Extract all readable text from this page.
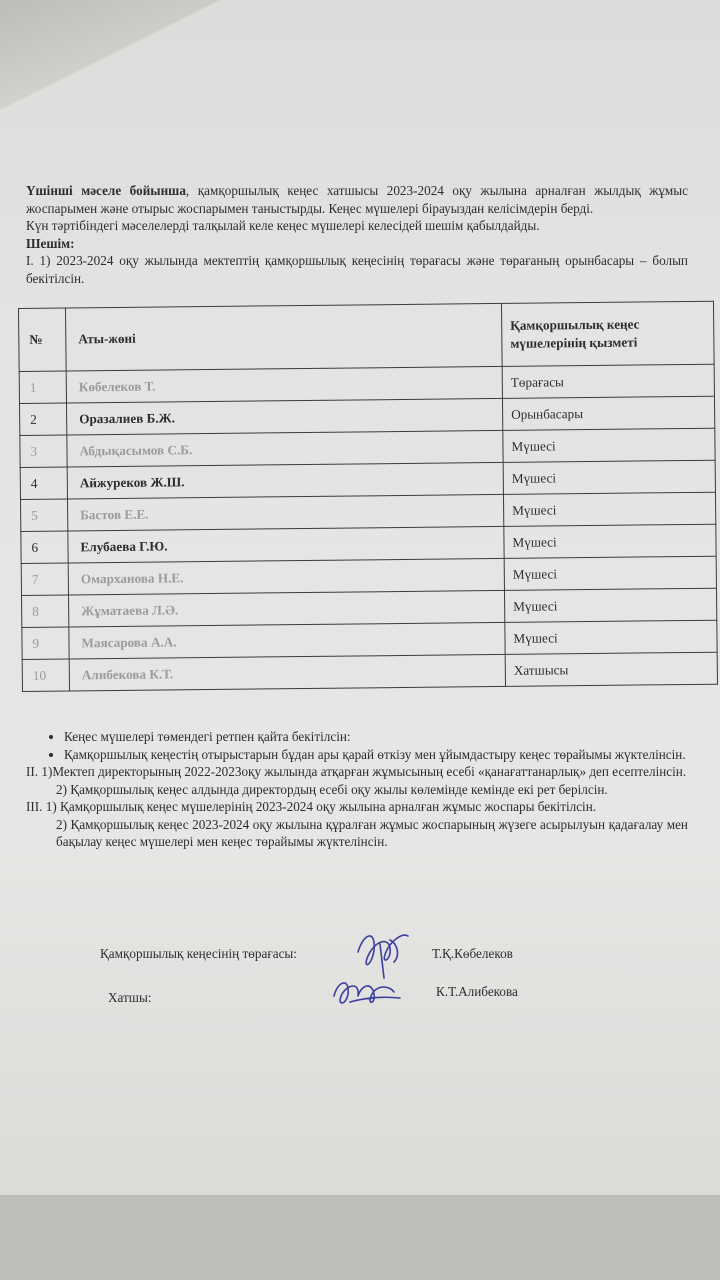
Үшінші мәселе бойынша, қамқоршылық кеңес хатшысы 2023-2024 оқу жылына арналған жылдық жұмыс жоспарымен және отырыс жоспарымен таныстырды. Кеңес мүшелері бірауыздан келісімдерін берді.

Күн тәртібіндегі мәселелерді талқылай келе кеңес мүшелері келесідей шешім қабылдайды.

Шешім:

I. 1) 2023-2024 оқу жылында мектептің қамқоршылық кеңесінің төрағасы және төрағаның орынбасары – болып бекітілсін.

№	Аты-жөні	Қамқоршылық кеңес мүшелерінің қызметі
1	Көбелеков Т.	Төрағасы
2	Оразалиев Б.Ж.	Орынбасары
3	Абдықасымов С.Б.	Мүшесі
4	Айжуреков Ж.Ш.	Мүшесі
5	Бастов Е.Е.	Мүшесі
6	Елубаева Г.Ю.	Мүшесі
7	Омарханова Н.Е.	Мүшесі
8	Жұматаева Л.Ә.	Мүшесі
9	Маясарова А.А.	Мүшесі
10	Алибекова К.Т.	Хатшысы
• Кеңес мүшелері төмендегі ретпен қайта бекітілсін:
• Қамқоршылық кеңестің отырыстарын бұдан ары қарай өткізу мен ұйымдастыру кеңес төрайымы жүктелінсін.

II. 1)Мектеп директорының 2022-2023оқу жылында атқарған жұмысының есебі «қанағаттанарлық» деп есептелінсін.

2) Қамқоршылық кеңес алдында директордың есебі оқу жылы көлемінде кемінде екі рет берілсін.

III. 1) Қамқоршылық кеңес мүшелерінің 2023-2024 оқу жылына арналған жұмыс жоспары бекітілсін.

2) Қамқоршылық кеңес 2023-2024 оқу жылына құралған жұмыс жоспарының жүзеге асырылуын қадағалау мен бақылау кеңес мүшелері мен кеңес төрайымы жүктелінсін.

Қамқоршылық кеңесінің төрағасы:	Т.Қ.Көбелеков
Хатшы:	К.Т.Алибекова
